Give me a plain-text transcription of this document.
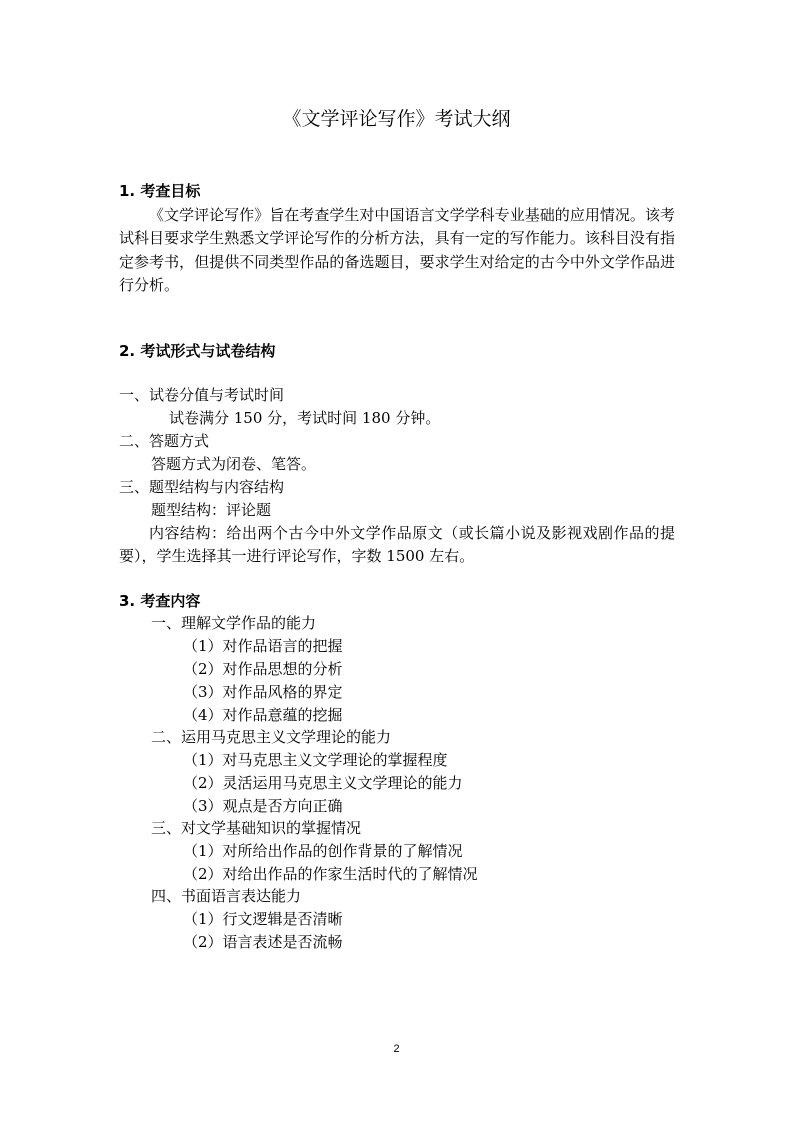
《文学评论写作》考试大纲
1. 考查目标
《文学评论写作》旨在考查学生对中国语言文学学科专业基础的应用情况。该考试科目要求学生熟悉文学评论写作的分析方法，具有一定的写作能力。该科目没有指定参考书，但提供不同类型作品的备选题目，要求学生对给定的古今中外文学作品进行分析。
2. 考试形式与试卷结构
一、试卷分值与考试时间
试卷满分 150 分，考试时间 180 分钟。
二、答题方式
答题方式为闭卷、笔答。
三、题型结构与内容结构
题型结构：评论题
内容结构：给出两个古今中外文学作品原文（或长篇小说及影视戏剧作品的提要），学生选择其一进行评论写作，字数 1500 左右。
3. 考查内容
一、理解文学作品的能力
（1）对作品语言的把握
（2）对作品思想的分析
（3）对作品风格的界定
（4）对作品意蕴的挖掘
二、运用马克思主义文学理论的能力
（1）对马克思主义文学理论的掌握程度
（2）灵活运用马克思主义文学理论的能力
（3）观点是否方向正确
三、对文学基础知识的掌握情况
（1）对所给出作品的创作背景的了解情况
（2）对给出作品的作家生活时代的了解情况
四、书面语言表达能力
（1）行文逻辑是否清晰
（2）语言表述是否流畅
2
